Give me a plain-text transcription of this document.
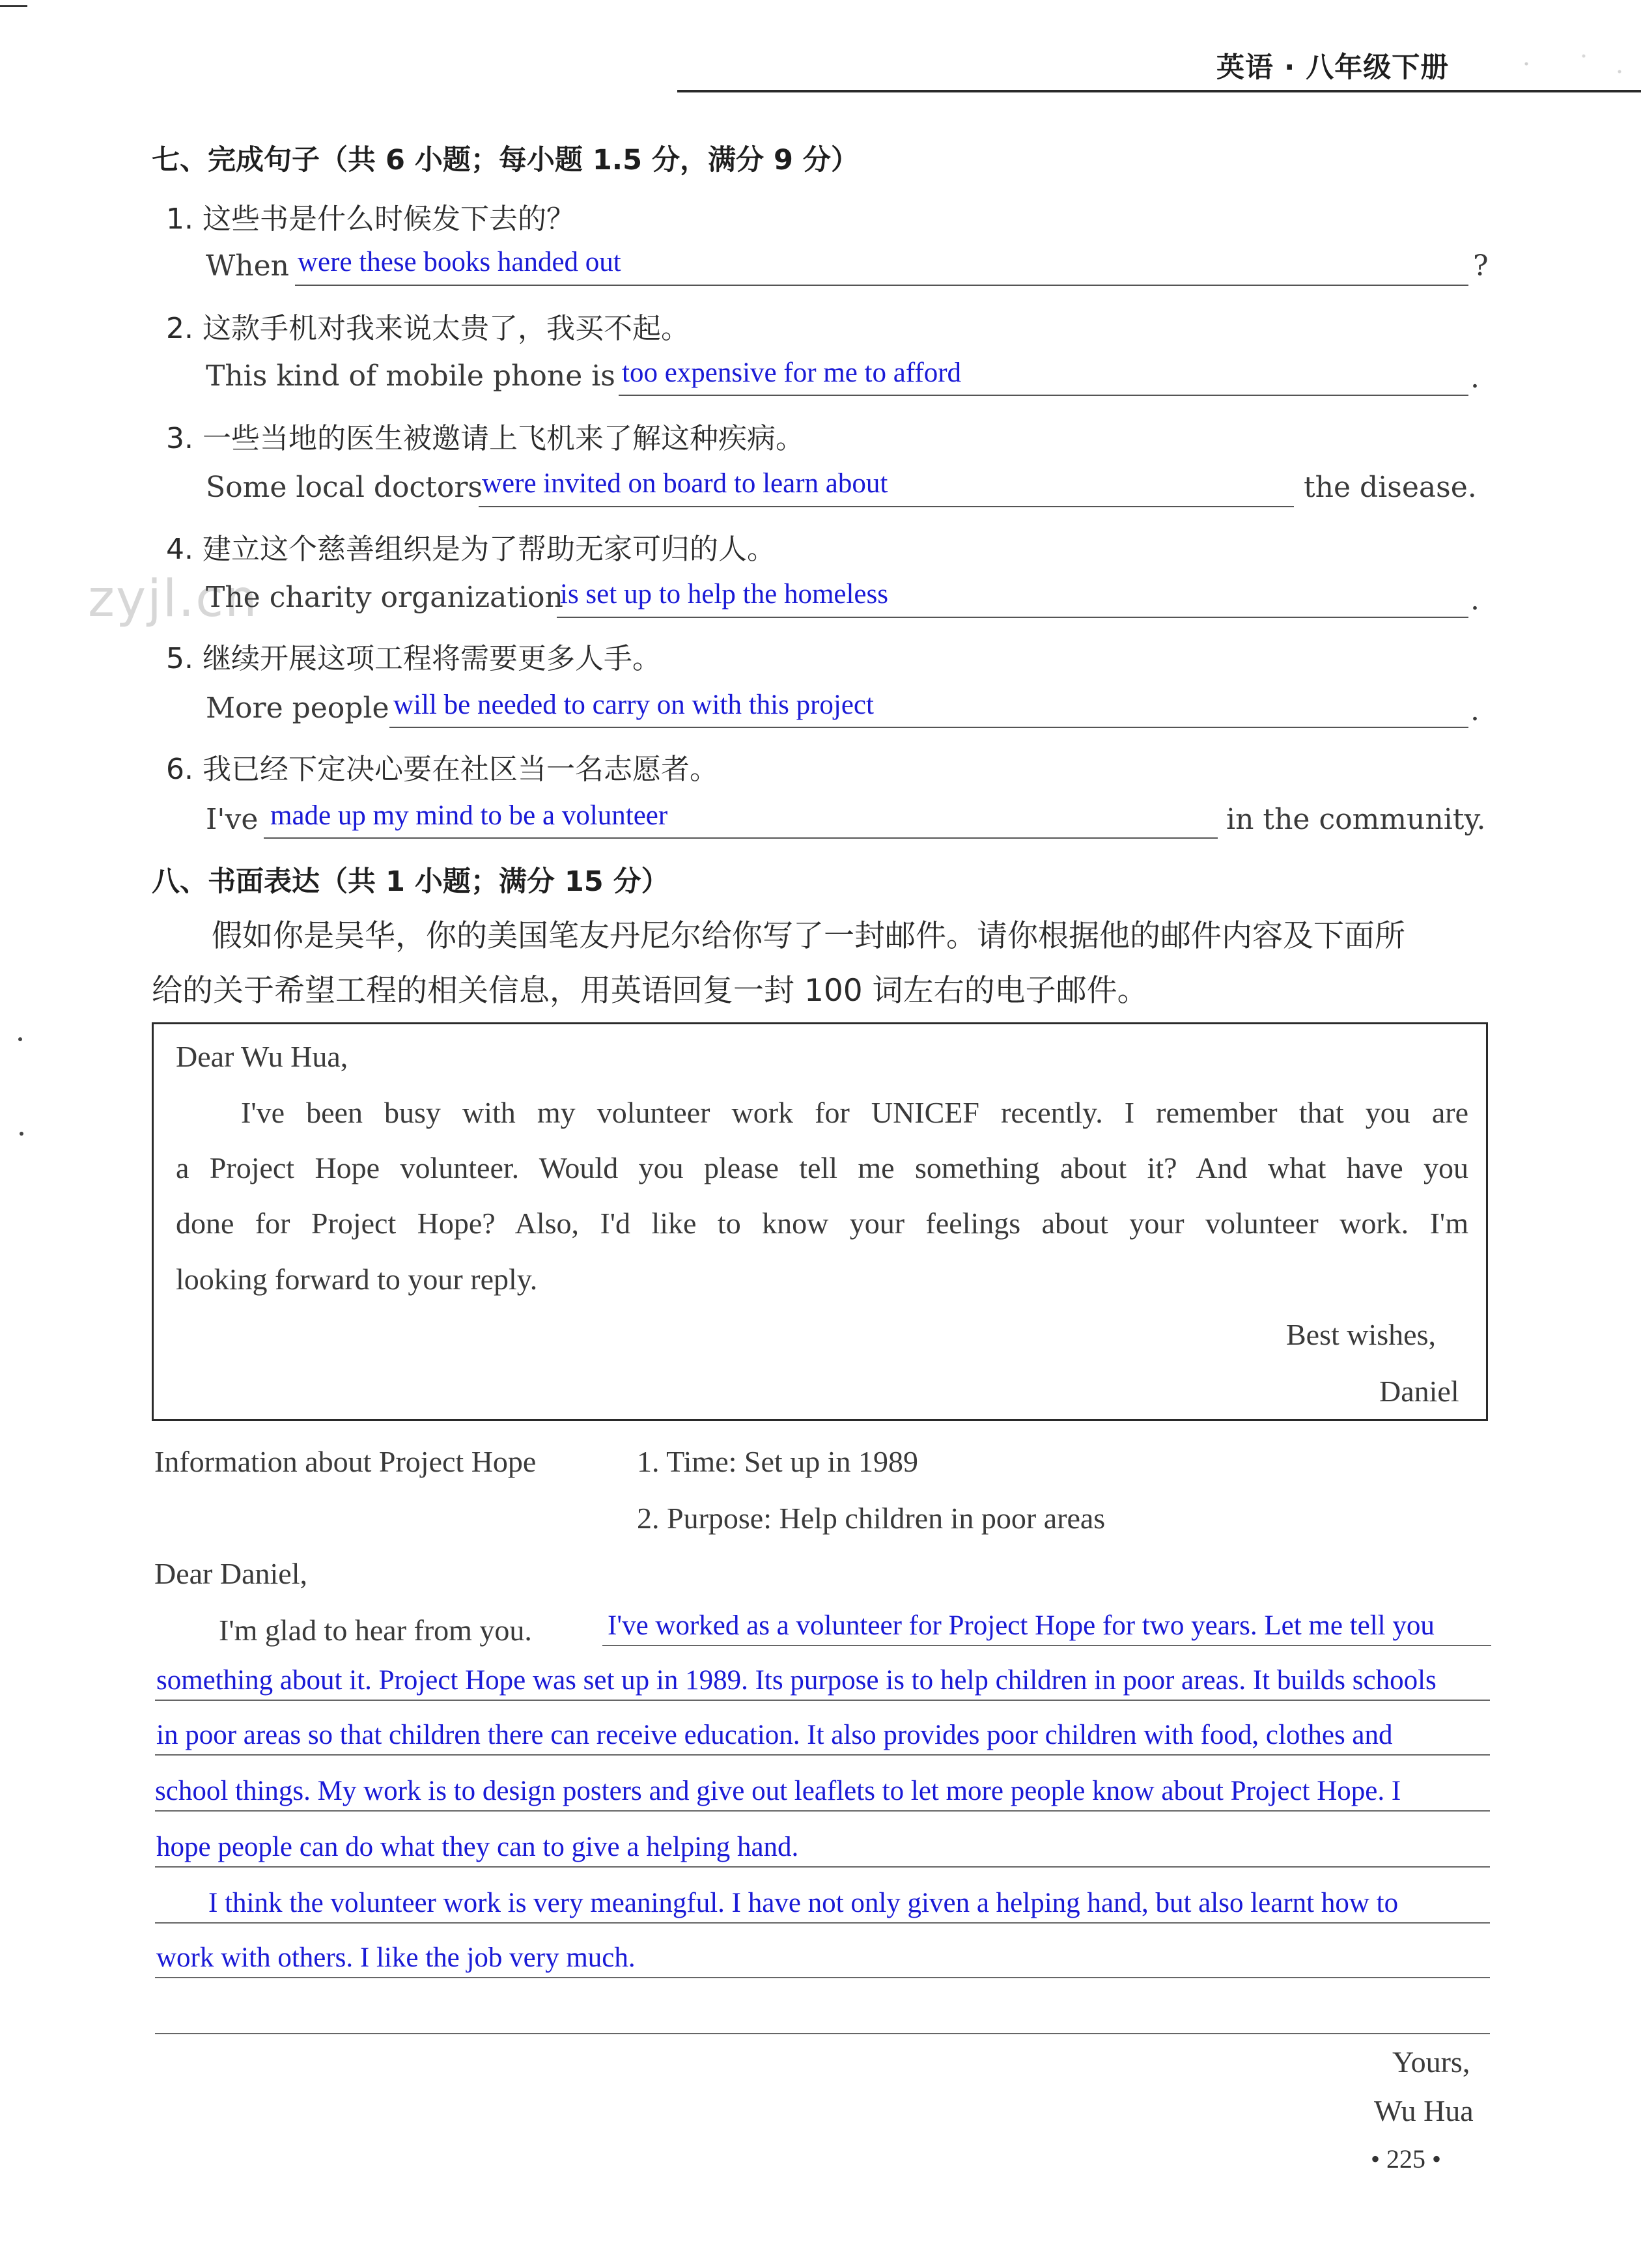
英语 · 八年级下册
zyjl.cn
七、完成句子（共 6 小题；每小题 1.5 分，满分 9 分）
1. 这些书是什么时候发下去的？
When were these books handed out	?
2. 这款手机对我来说太贵了，我买不起。
This kind of mobile phone is too expensive for me to afford	.
3. 一些当地的医生被邀请上飞机来了解这种疾病。
Some local doctors were invited on board to learn about	the disease.
4. 建立这个慈善组织是为了帮助无家可归的人。
The charity organization
is set up to help the homeless	.
5. 继续开展这项工程将需要更多人手。
More people will be needed to carry on with this project	.
6. 我已经下定决心要在社区当一名志愿者。
I've made up my mind to be a volunteer	in the community.
八、书面表达（共 1 小题；满分 15 分）
假如你是吴华，你的美国笔友丹尼尔给你写了一封邮件。请你根据他的邮件内容及下面所
给的关于希望工程的相关信息，用英语回复一封 100 词左右的电子邮件。
Dear Wu Hua,
I've been busy with my volunteer work for UNICEF recently. I remember that you are
a Project Hope volunteer. Would you please tell me something about it? And what have you
done for Project Hope? Also, I'd like to know your feelings about your volunteer work. I'm
looking forward to your reply.
Best wishes,
Daniel
Information about Project Hope	1. Time: Set up in 1989
2. Purpose: Help children in poor areas
Dear Daniel,
I'm glad to hear from you.	I've worked as a volunteer for Project Hope for two years. Let me tell you
something about it. Project Hope was set up in 1989. Its purpose is to help children in poor areas. It builds schools
in poor areas so that children there can receive education. It also provides poor children with food, clothes and
school things. My work is to design posters and give out leaflets to let more people know about Project Hope. I
hope people can do what they can to give a helping hand.
I think the volunteer work is very meaningful. I have not only given a helping hand, but also learnt how to
work with others. I like the job very much.
Yours,
Wu Hua
• 225 •
